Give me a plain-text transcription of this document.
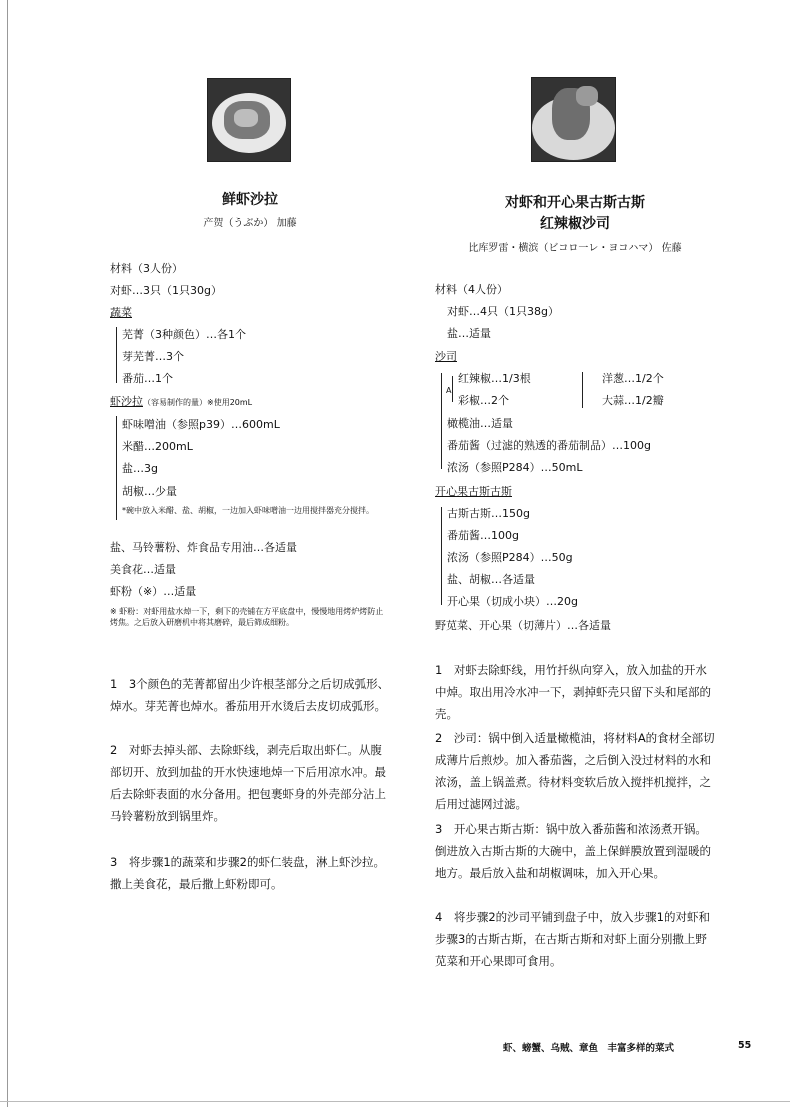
鲜虾沙拉
产贺（うぶか） 加藤
材料（3人份）
对虾…3只（1只30g）
蔬菜
芜菁（3种颜色）…各1个
芽芜菁…3个
番茄…1个
虾沙拉（容易制作的量）※使用20mL
虾味噌油（参照p39）…600mL
米醋…200mL
盐…3g
胡椒…少量
*碗中放入米醋、盐、胡椒，一边加入虾味噌油一边用搅拌器充分搅拌。
盐、马铃薯粉、炸食品专用油…各适量
美食花…适量
虾粉（※）…适量
※ 虾粉：对虾用盐水焯一下，剩下的壳铺在方平底盘中，慢慢地用烤炉烤防止烤焦。之后放入研磨机中将其磨碎，最后筛成细粉。
1　3个颜色的芜菁都留出少许根茎部分之后切成弧形、焯水。芽芜菁也焯水。番茄用开水烫后去皮切成弧形。
2　对虾去掉头部、去除虾线，剥壳后取出虾仁。从腹部切开、放到加盐的开水快速地焯一下后用凉水冲。最后去除虾表面的水分备用。把包裹虾身的外壳部分沾上马铃薯粉放到锅里炸。
3　将步骤1的蔬菜和步骤2的虾仁装盘，淋上虾沙拉。撒上美食花，最后撒上虾粉即可。
对虾和开心果古斯古斯
红辣椒沙司
比库罗雷・横滨（ビコロ一レ・ヨコハマ） 佐藤
材料（4人份）
对虾…4只（1只38g）
盐…适量
沙司
A
红辣椒…1/3根
彩椒…2个
洋葱…1/2个
大蒜…1/2瓣
橄榄油…适量
番茄酱（过滤的熟透的番茄制品）…100g
浓汤（参照P284）…50mL
开心果古斯古斯
古斯古斯…150g
番茄酱…100g
浓汤（参照P284）…50g
盐、胡椒…各适量
开心果（切成小块）…20g
野苋菜、开心果（切薄片）…各适量
1　对虾去除虾线，用竹扦纵向穿入，放入加盐的开水中焯。取出用冷水冲一下，剥掉虾壳只留下头和尾部的壳。
2　沙司：锅中倒入适量橄榄油，将材料A的食材全部切成薄片后煎炒。加入番茄酱，之后倒入没过材料的水和浓汤，盖上锅盖煮。待材料变软后放入搅拌机搅拌，之后用过滤网过滤。
3　开心果古斯古斯：锅中放入番茄酱和浓汤煮开锅。倒进放入古斯古斯的大碗中，盖上保鲜膜放置到湿暖的地方。最后放入盐和胡椒调味，加入开心果。
4　将步骤2的沙司平铺到盘子中，放入步骤1的对虾和步骤3的古斯古斯，在古斯古斯和对虾上面分别撒上野苋菜和开心果即可食用。
虾、螃蟹、乌贼、章鱼　丰富多样的菜式	55
